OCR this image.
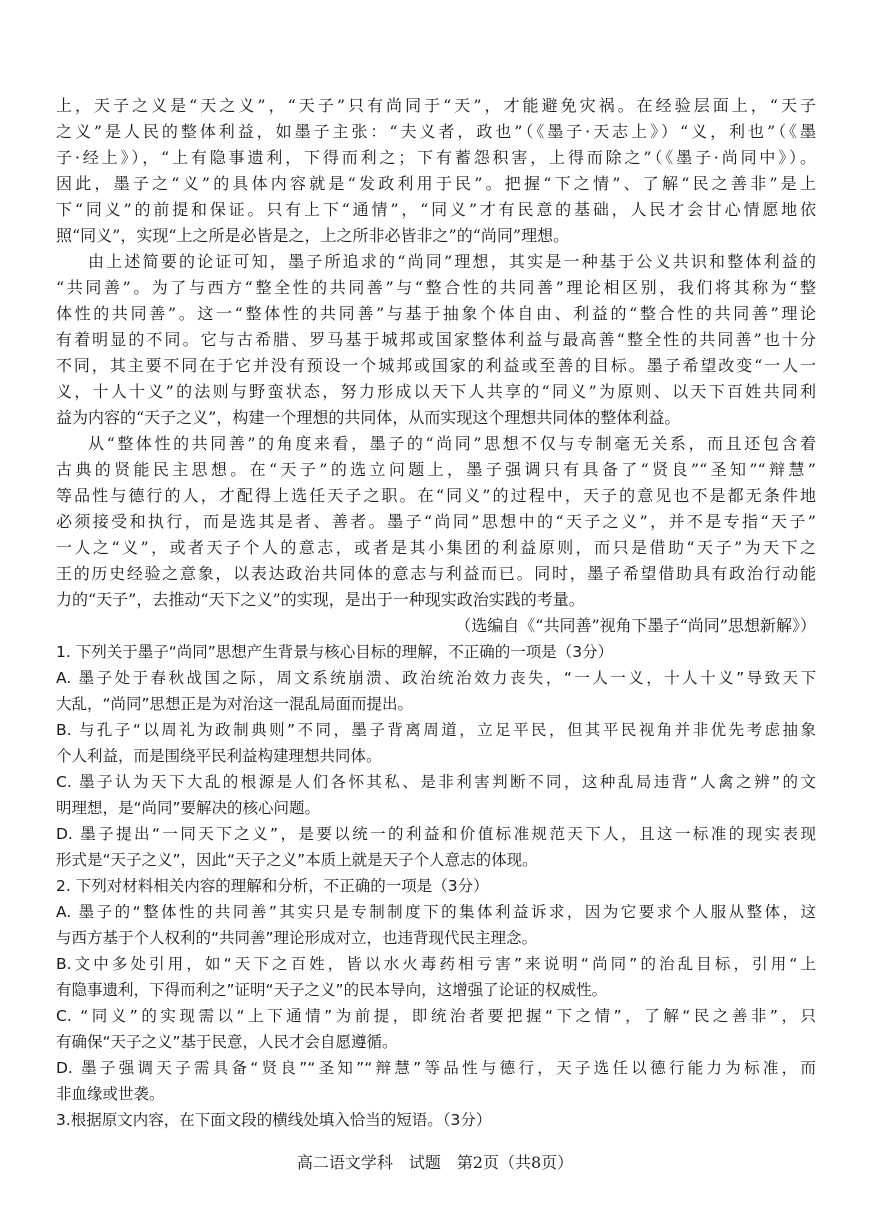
上，天子之义是“天之义”，“天子”只有尚同于“天”，才能避免灾祸。在经验层面上，“天子
之义”是人民的整体利益，如墨子主张：“夫义者，政也”（《墨子·天志上》）“义，利也”（《墨
子·经上》），“上有隐事遗利，下得而利之；下有蓄怨积害，上得而除之”（《墨子·尚同中》）。
因此，墨子之“义”的具体内容就是“发政利用于民”。把握“下之情”、了解“民之善非”是上
下“同义”的前提和保证。只有上下“通情”，“同义”才有民意的基础，人民才会甘心情愿地依
照“同义”，实现“上之所是必皆是之，上之所非必皆非之”的“尚同”理想。
由上述简要的论证可知，墨子所追求的“尚同”理想，其实是一种基于公义共识和整体利益的
“共同善”。为了与西方“整全性的共同善”与“整合性的共同善”理论相区别，我们将其称为“整
体性的共同善”。这一“整体性的共同善”与基于抽象个体自由、利益的“整合性的共同善”理论
有着明显的不同。它与古希腊、罗马基于城邦或国家整体利益与最高善“整全性的共同善”也十分
不同，其主要不同在于它并没有预设一个城邦或国家的利益或至善的目标。墨子希望改变“一人一
义，十人十义”的法则与野蛮状态，努力形成以天下人共享的“同义”为原则、以天下百姓共同利
益为内容的“天子之义”，构建一个理想的共同体，从而实现这个理想共同体的整体利益。
从“整体性的共同善”的角度来看，墨子的“尚同”思想不仅与专制毫无关系，而且还包含着
古典的贤能民主思想。在“天子”的选立问题上，墨子强调只有具备了“贤良”“圣知”“辩慧”
等品性与德行的人，才配得上选任天子之职。在“同义”的过程中，天子的意见也不是都无条件地
必须接受和执行，而是选其是者、善者。墨子“尚同”思想中的“天子之义”，并不是专指“天子”
一人之“义”，或者天子个人的意志，或者是其小集团的利益原则，而只是借助“天子”为天下之
王的历史经验之意象，以表达政治共同体的意志与利益而已。同时，墨子希望借助具有政治行动能
力的“天子”，去推动“天下之义”的实现，是出于一种现实政治实践的考量。
（选编自《“共同善”视角下墨子“尚同”思想新解》）
1. 下列关于墨子“尚同”思想产生背景与核心目标的理解，不正确的一项是（3分）
A. 墨子处于春秋战国之际，周文系统崩溃、政治统治效力丧失，“一人一义，十人十义”导致天下
大乱，“尚同”思想正是为对治这一混乱局面而提出。
B. 与孔子“以周礼为政制典则”不同，墨子背离周道，立足平民，但其平民视角并非优先考虑抽象
个人利益，而是围绕平民利益构建理想共同体。
C. 墨子认为天下大乱的根源是人们各怀其私、是非利害判断不同，这种乱局违背“人禽之辨”的文
明理想，是“尚同”要解决的核心问题。
D. 墨子提出“一同天下之义”，是要以统一的利益和价值标准规范天下人，且这一标准的现实表现
形式是“天子之义”，因此“天子之义”本质上就是天子个人意志的体现。
2. 下列对材料相关内容的理解和分析，不正确的一项是（3分）
A. 墨子的“整体性的共同善”其实只是专制制度下的集体利益诉求，因为它要求个人服从整体，这
与西方基于个人权利的“共同善”理论形成对立，也违背现代民主理念。
B.文中多处引用，如“天下之百姓，皆以水火毒药相亏害”来说明“尚同”的治乱目标，引用“上
有隐事遗利，下得而利之”证明“天子之义”的民本导向，这增强了论证的权威性。
C. “同义”的实现需以“上下通情”为前提，即统治者要把握“下之情”，了解“民之善非”，只
有确保“天子之义”基于民意，人民才会自愿遵循。
D. 墨子强调天子需具备“贤良”“圣知”“辩慧”等品性与德行，天子选任以德行能力为标准，而
非血缘或世袭。
3.根据原文内容，在下面文段的横线处填入恰当的短语。（3分）
高二语文学科　试题　第2页（共8页）
